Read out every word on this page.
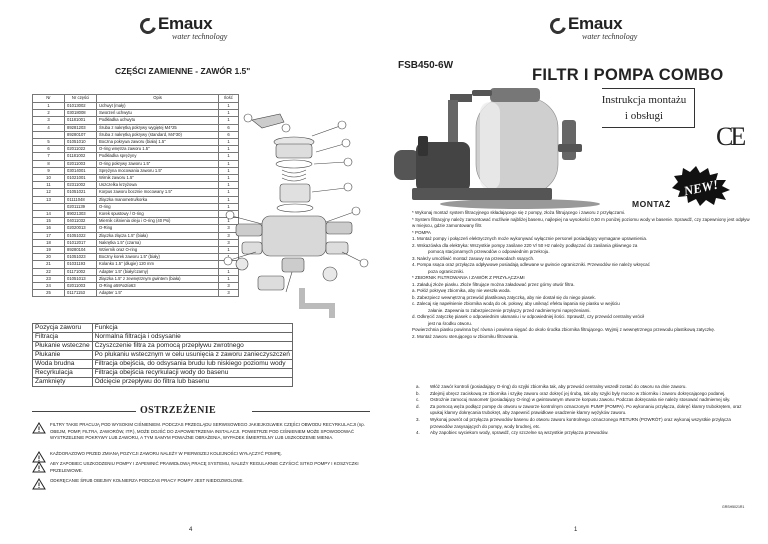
Emaux
water technology
CZĘŚCI ZAMIENNE - ZAWÓR 1.5"
Nr	Nr części	Opis	Ilość
1	01013002	Uchwyt (mały)	1
2	03018008	Sworzeń uchwytu	1
3	01181001	Podkładka uchwytu	1
4	89281203	Śruba z nakrętką pokrywy wygiętej M4*25	6
	89280107	Śruba z nakrętką pokrywy (standard, M4*30)	6
5	01051010	Boczna pokrywa zaworu (biała) 1.5"	1
6	02011022	O-ring wnętrza zaworu 1.5"	1
7	01181002	Podkładka sprężyny	1
8	02011003	O-ring pokrywy zaworu 1.5"	1
9	03014001	Sprężyna mocowania zaworu 1.5"	1
10	01021001	Wirnik zaworu 1.5"	1
11	02311002	Uszczelka krzyżowa	1
12	01051021	Korpus zaworu bocznie mocowany 1.5"	1
13	01111048	Złączka manometru/korka	1
	02011139	O-ring	1
14	89021303	Korek spustowy / O-ring	
15	04011032	Miernik ciśnienia oleju i O-ring (40 Psi)	1
16	02020013	O-Ring	3
17	01051022	Złączka złącza 1.5" (biała)	3
18	01012017	Nakrętka 1.5" (czarna)	3
19	89280104	Wziernik oraz O-ring	1
20	01051023	Boczny korek zaworu 1.5" (biały)	
21	01031193	Kolanko 1.5" (długie) 120 mm	
22	01171002	Adapter 1.5" (biały/czarny)	1
23	01051013	Złączka 1.5" z zewnętrznym gwintem (biała)	1
24	02011003	O-Ring ø59*ø2/ø63	3
25	01171153	Adapter 1.5"	3
Pozycja zaworu	Funkcja
Filtracja	Normalna filtracja i odsysanie
Płukanie wsteczne	Czyszczenie filtra za pomocą przepływu zwrotnego
Płukanie	Po płukaniu wstecznym w celu usunięcia z zaworu zanieczyszczeń
Woda brudna	Filtracja obejścia, do odsysania brudu lub niskiego poziomu wody
Recyrkulacja	Filtracja obejścia recyrkulacji wody do basenu
Zamknięty	Odcięcie przepływu do filtra lub basenu
OSTRZEŻENIE
FILTRY TAKIE PRACUJĄ POD WYSOKIM CIŚNIENIEM. PODCZAS PRZEGLĄDU SERWISOWEGO JAKIEJKOLWIEK CZĘŚCI OBWODU RECYRKULACJI (np. OBEJM, POMP, FILTRA, ZAWORÓW, ITP.), MOŻE DOJŚĆ DO ZAPOWIETRZENIA INSTALACJI. POWIETRZE POD CIŚNIENIEM MOŻE SPOWODOWAĆ WYSTRZELENIE POKRYWY LUB ZAWORU, A TYM SAMYM POWAŻNE OBRAŻENIA, WYPADEK ŚMIERTELNY LUB USZKODZENIE MIENIA.
KAŻDORAZOWO PRZED ZMIANĄ POZYCJI ZAWORU NALEŻY W PIERWSZEJ KOLEJNOŚCI WYŁĄCZYĆ POMPĘ.
ABY ZAPOBIEC USZKODZENIU POMPY I ZAPEWNIĆ PRAWIDŁOWĄ PRACĘ SYSTEMU, NALEŻY REGULARNIE CZYŚCIĆ SITKO POMPY I KOSZYCZKI PRZELEWOWE.
ODKRĘCANIE ŚRUB OBEJMY KOŁNIERZA PODCZAS PRACY POMPY JEST NIEDOZWOLONE.
4
Emaux
water technology
FSB450-6W
FILTR I POMPA COMBO
Instrukcja montażu
i obsługi
CE
NEW!
MONTAŻ

* Wykonaj montaż system filtracyjnego składającego się z pompy, złoża filtrującego i zaworu z przyłączami.

* System filtracyjny należy zamontować możliwie najbliżej basenu, najlepiej na wysokości 0,50 m poniżej poziomu wody w basenie. Sprawdź, czy zapewniony jest odpływ w miejscu, gdzie zamontowany filtr.

* POMPA

1. Montaż pompy i połączeń elektrycznych może wykonywać wyłącznie personel posiadający wymagane uprawnienia.

2. Wskazówka dla elektryka: Wszystkie pompy zasilane 220 V/ 50 Hz należy podłączać do zasilania głównego za

pomocą stacjonarnych przewodów o odpowiednim przekroju.

3. Należy umożliwić montaż zasuwy na przewodach ssących.

4. Pompa ssąca oraz przyłącza odpływowe posiadają odlewane w gwincie ograniczniki. Przewodów nie należy wkręcać

poza ograniczniki.

* ZBIORNIK FILTROWANIA I ZAWÓR Z PRZYŁĄCZAMI

1. Załaduj złoże piasku. Złoże filtrujące można załadować przez górny otwór filtra.

a. Połóż pokrywę zbiornika, aby nie weszła woda.

b. Zabezpiecz wewnętrzną przewód plastikową zatyczką, aby nie dostał się do niego piasek.

c. Zalecaj się napełnienie zbiornika wodą do ok. połowy, aby uniknąć efektu łapania się piasku w wejściu

załanie. Zapewnia to zabezpieczenie przyłączy przed nadmiernymi naprężeniami.

d. Odkręcić zatyczkę piasek o odpowiednim ułamaniu i w odpowiedniej ilości. Sprawdź, czy przewód centralny wrócił

jest na środku otworu.

Powierzchnia piasku powinna być równa i powinna sięgać do około środka zbiornika filtrującego. Wyjmij z wewnętrznego przewodu plastikową zatyczkę.

2. Montaż zaworu sterującego w zbiorniku filtrowania.

a.	Włóż zawór kontroli (posiadający O-ring) do szyjki zbiornika tak, aby przewód centralny wszedł zostać do otworu na dnie zaworu.
b.	Zdejmij obręcz zaciskową ze zbiornika i szyjkę zaworu oraz dokręć jej śrubą, tak aby szyjki były mocno w zbiorniku i zaworu dokręcającego podanej.
c.	Ostrożnie zamocuj manometr (posiadający O-ring) w gwintowanym otworze korpusu zaworu. Podczas dokręcania nie należy stosować nadmiernej siły.
d.	Za pomocą węża podłącz pompę do otworu w zaworze kontrolnym oznaczonym PUMP (POMPA). Po wykonaniu przyłącza, dokręć klamry trubokrętem, oraz upukaj klamry dokręcania trubokręt, aby zapewnić prawidłowe osadzenie klamry wężyków zaworu.
3.	Wykonaj powrót od przyłącza przewodów basenu do otworu zaworu kontrolnego oznaczonego RETURN (POWRÓT) oraz wykonaj wszystkie przyłącza przewodów zasysających do pompy, wody brudnej, etc.
4.	Aby zapobiec wyciekom wody, sprawdź, czy szczelne są wszystkie przyłącza przewodów.
GRSH5021R1
1
